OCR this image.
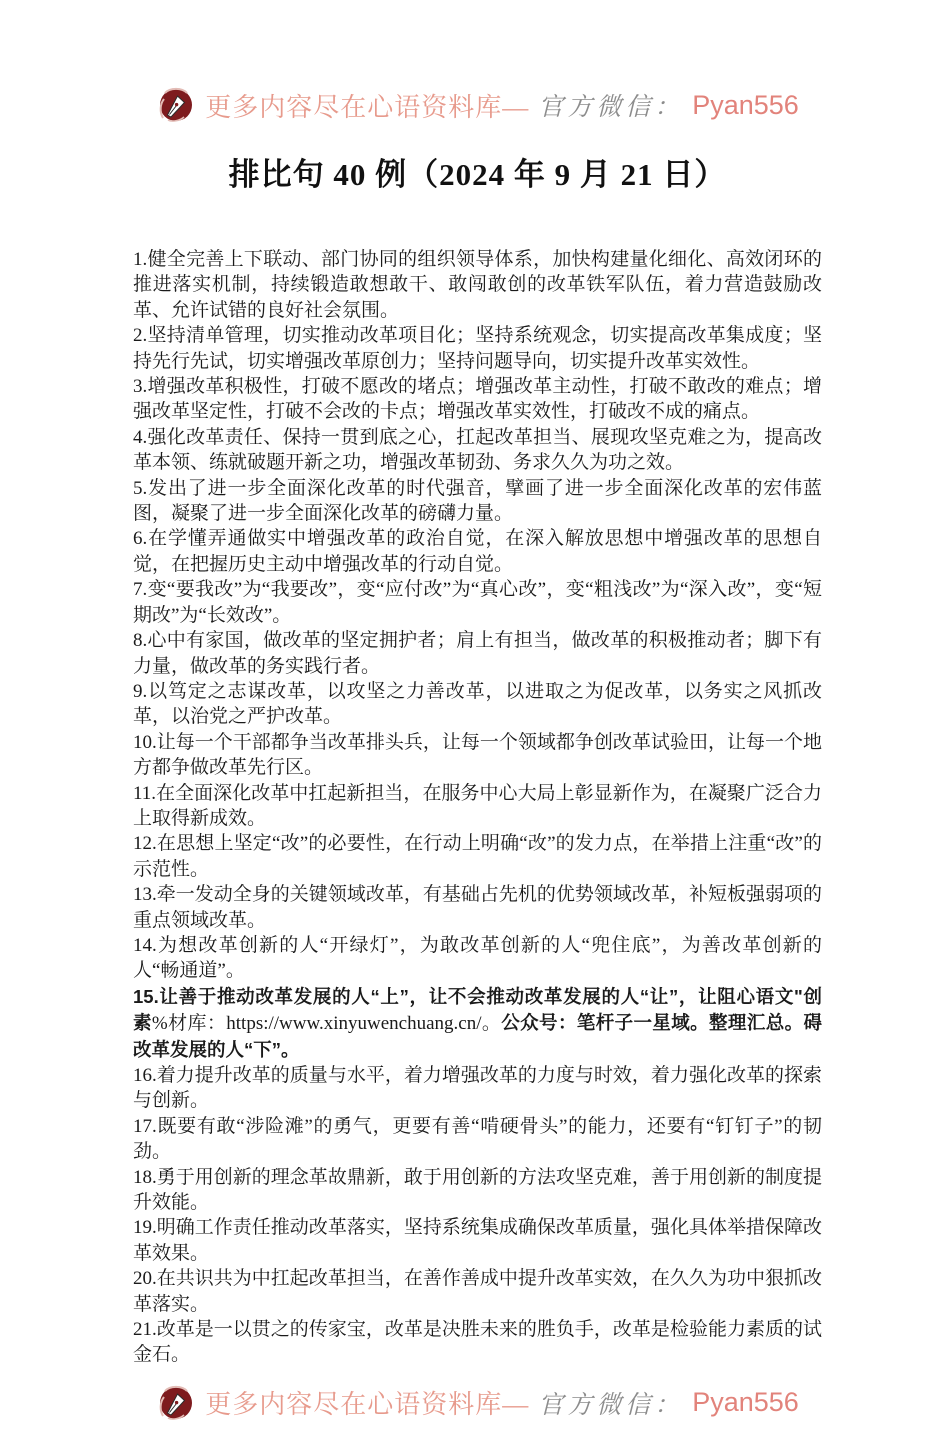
更多内容尽在心语资料库— 官方微信： Pyan556
排比句 40 例（2024 年 9 月 21 日）

1.健全完善上下联动、部门协同的组织领导体系，加快构建量化细化、高效闭环的推进落实机制，持续锻造敢想敢干、敢闯敢创的改革铁军队伍，着力营造鼓励改革、允许试错的良好社会氛围。

2.坚持清单管理，切实推动改革项目化；坚持系统观念，切实提高改革集成度；坚持先行先试，切实增强改革原创力；坚持问题导向，切实提升改革实效性。

3.增强改革积极性，打破不愿改的堵点；增强改革主动性，打破不敢改的难点；增强改革坚定性，打破不会改的卡点；增强改革实效性，打破改不成的痛点。

4.强化改革责任、保持一贯到底之心，扛起改革担当、展现攻坚克难之为，提高改革本领、练就破题开新之功，增强改革韧劲、务求久久为功之效。

5.发出了进一步全面深化改革的时代强音，擘画了进一步全面深化改革的宏伟蓝图，凝聚了进一步全面深化改革的磅礴力量。

6.在学懂弄通做实中增强改革的政治自觉，在深入解放思想中增强改革的思想自觉，在把握历史主动中增强改革的行动自觉。

7.变“要我改”为“我要改”，变“应付改”为“真心改”，变“粗浅改”为“深入改”，变“短期改”为“长效改”。

8.心中有家国，做改革的坚定拥护者；肩上有担当，做改革的积极推动者；脚下有力量，做改革的务实践行者。

9.以笃定之志谋改革，以攻坚之力善改革，以进取之为促改革，以务实之风抓改革，以治党之严护改革。

10.让每一个干部都争当改革排头兵，让每一个领域都争创改革试验田，让每一个地方都争做改革先行区。

11.在全面深化改革中扛起新担当，在服务中心大局上彰显新作为，在凝聚广泛合力上取得新成效。

12.在思想上坚定“改”的必要性，在行动上明确“改”的发力点，在举措上注重“改”的示范性。

13.牵一发动全身的关键领域改革，有基础占先机的优势领域改革，补短板强弱项的重点领域改革。

14.为想改革创新的人“开绿灯”，为敢改革创新的人“兜住底”，为善改革创新的人“畅通道”。

15.让善于推动改革发展的人“上”，让不会推动改革发展的人“让”，让阻心语文"创素%材库：https://www.xinyuwenchuang.cn/。公众号：笔杆子一星域。整理汇总。碍改革发展的人“下”。

16.着力提升改革的质量与水平，着力增强改革的力度与时效，着力强化改革的探索与创新。

17.既要有敢“涉险滩”的勇气，更要有善“啃硬骨头”的能力，还要有“钉钉子”的韧劲。

18.勇于用创新的理念革故鼎新，敢于用创新的方法攻坚克难，善于用创新的制度提升效能。

19.明确工作责任推动改革落实，坚持系统集成确保改革质量，强化具体举措保障改革效果。

20.在共识共为中扛起改革担当，在善作善成中提升改革实效，在久久为功中狠抓改革落实。

21.改革是一以贯之的传家宝，改革是决胜未来的胜负手，改革是检验能力素质的试金石。

更多内容尽在心语资料库— 官方微信： Pyan556
